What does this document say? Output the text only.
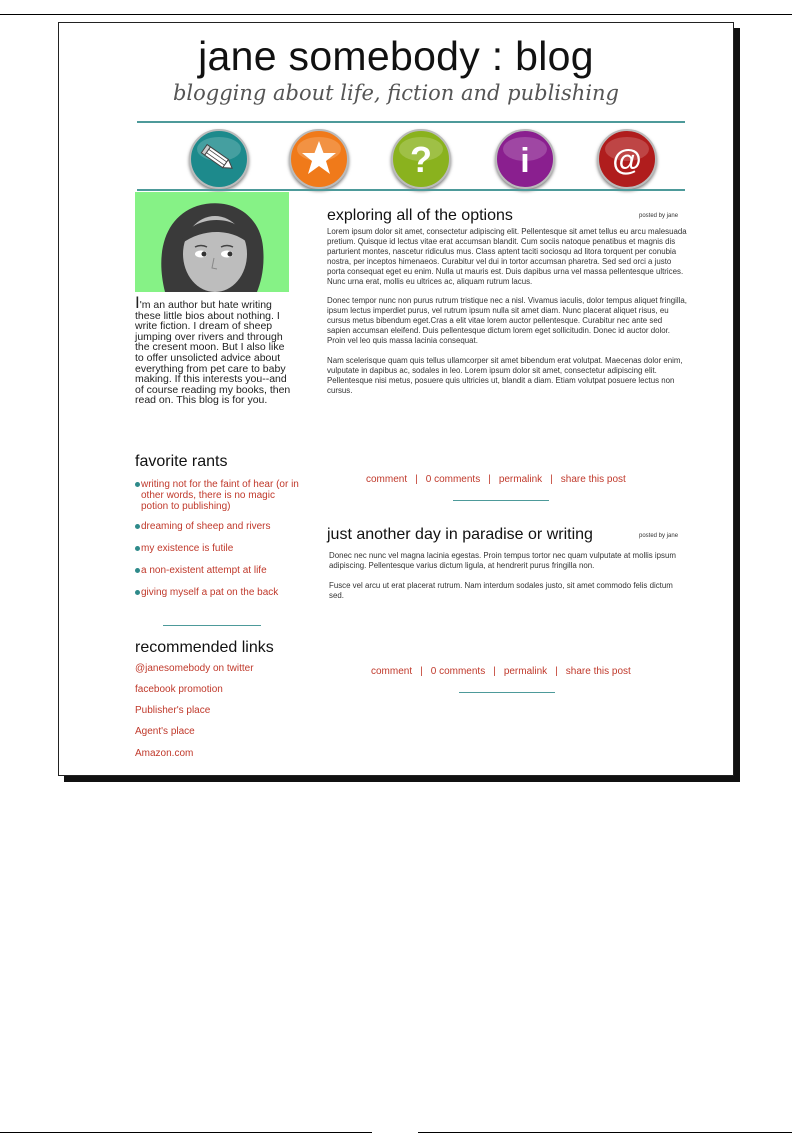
jane somebody : blog
blogging about life, fiction and publishing
?	i	@
I'm an author but hate writing these little bios about nothing. I write fiction. I dream of sheep jumping over rivers and through the cresent moon. But I also like to offer unsolicted advice about everything from pet care to baby making. If this interests you--and of course reading my books, then read on. This blog is for you.
favorite rants
writing not for the faint of hear (or in other words, there is no magic potion to publishing)
dreaming of sheep and rivers
my existence is futile
a non-existent attempt at life
giving myself a pat on the back
recommended links
@janesomebody on twitter
facebook promotion
Publisher's place
Agent's place
Amazon.com
exploring all of the options	posted by jane

Lorem ipsum dolor sit amet, consectetur adipiscing elit. Pellentesque sit amet tellus eu arcu malesuada pretium. Quisque id lectus vitae erat accumsan blandit. Cum sociis natoque penatibus et magnis dis parturient montes, nascetur ridiculus mus. Class aptent taciti sociosqu ad litora torquent per conubia nostra, per inceptos himenaeos. Curabitur vel dui in tortor accumsan pharetra. Sed sed orci a justo porta consequat eget eu enim. Nulla ut mauris est. Duis dapibus urna vel massa pellentesque ultrices. Nunc urna erat, mollis eu ultrices ac, aliquam rutrum lacus.

Donec tempor nunc non purus rutrum tristique nec a nisl. Vivamus iaculis, dolor tempus aliquet fringilla, ipsum lectus imperdiet purus, vel rutrum ipsum nulla sit amet diam. Nunc placerat aliquet risus, eu cursus metus bibendum eget.Cras a elit vitae lorem auctor pellentesque. Curabitur nec ante sed sapien accumsan eleifend. Duis pellentesque dictum lorem eget sollicitudin. Donec id auctor dolor. Proin vel leo quis massa lacinia consequat.

Nam scelerisque quam quis tellus ullamcorper sit amet bibendum erat volutpat. Maecenas dolor enim, vulputate in dapibus ac, sodales in leo. Lorem ipsum dolor sit amet, consectetur adipiscing elit. Pellentesque nisi metus, posuere quis ultricies ut, blandit a diam. Etiam volutpat posuere lectus non cursus.

comment | 0 comments | permalink | share this post
just another day in paradise or writing	posted by jane

Donec nec nunc vel magna lacinia egestas. Proin tempus tortor nec quam vulputate at mollis ipsum adipiscing. Pellentesque varius dictum ligula, at hendrerit purus fringilla non.

Fusce vel arcu ut erat placerat rutrum. Nam interdum sodales justo, sit amet commodo felis dictum sed.

comment | 0 comments | permalink | share this post
